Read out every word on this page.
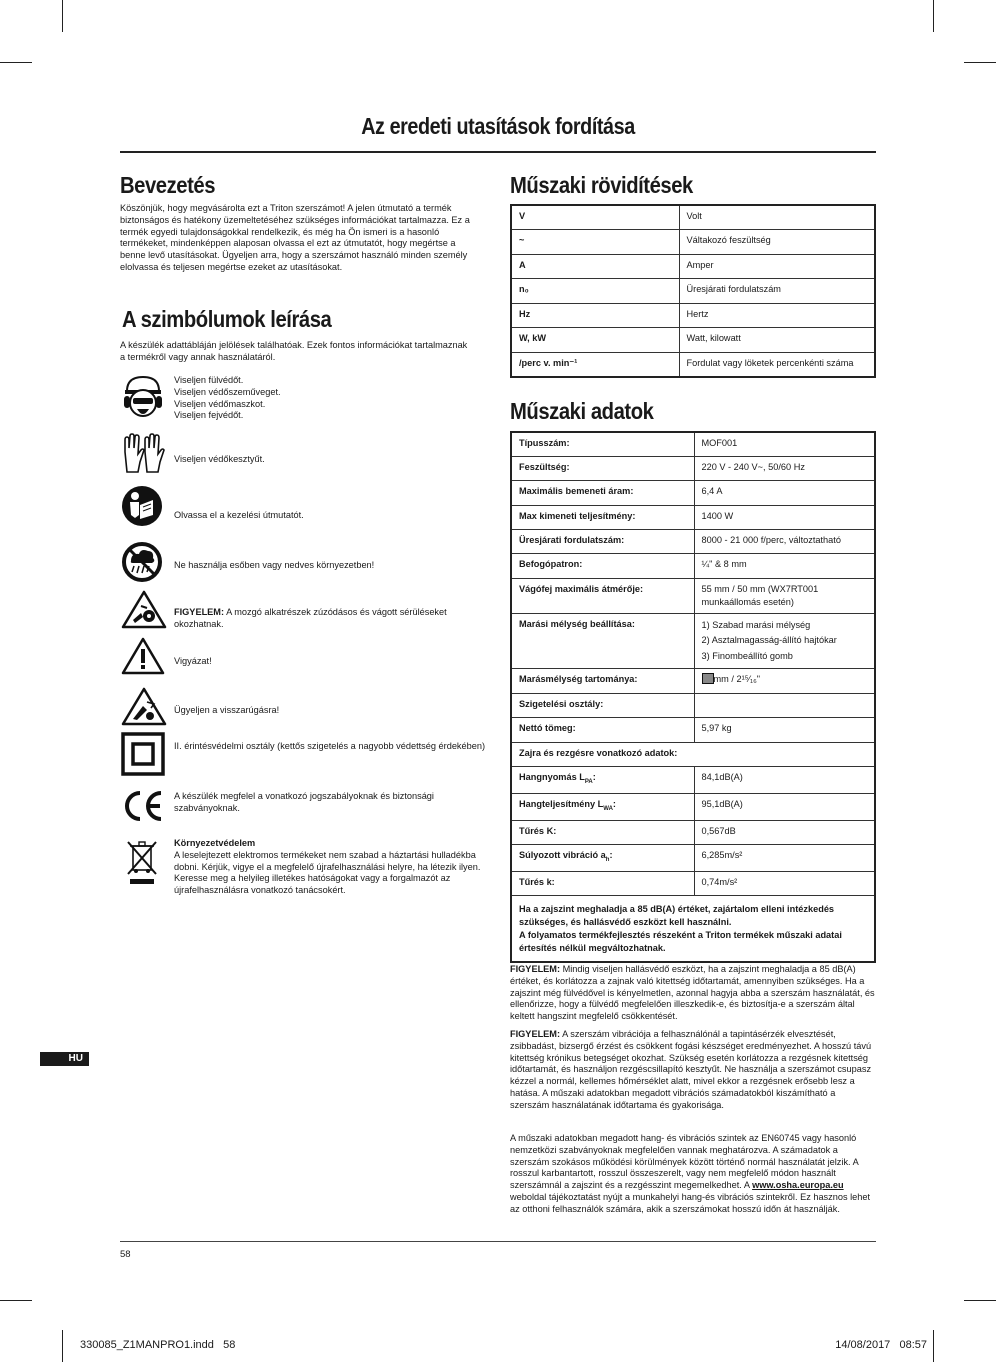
Az eredeti utasítások fordítása
Bevezetés
Köszönjük, hogy megvásárolta ezt a Triton szerszámot! A jelen útmutató a termék biztonságos és hatékony üzemeltetéséhez szükséges információkat tartalmazza. Ez a termék egyedi tulajdonságokkal rendelkezik, és még ha Ön ismeri is a hasonló termékeket, mindenképpen alaposan olvassa el ezt az útmutatót, hogy megértse a benne levő utasításokat. Ügyeljen arra, hogy a szerszámot használó minden személy elolvassa és teljesen megértse ezeket az utasításokat.
A szimbólumok leírása
A készülék adattábláján jelölések találhatóak. Ezek fontos információkat tartalmaznak a termékről vagy annak használatáról.
Viseljen fülvédőt.
Viseljen védőszeműveget.
Viseljen védőmaszkot.
Viseljen fejvédőt.
Viseljen védőkesztyűt.
Olvassa el a kezelési útmutatót.
Ne használja esőben vagy nedves környezetben!
FIGYELEM: A mozgó alkatrészek zúzódásos és vágott sérüléseket okozhatnak.
Vigyázat!
Ügyeljen a visszarúgásra!
II. érintésvédelmi osztály (kettős szigetelés a nagyobb védettség érdekében)
A készülék megfelel a vonatkozó jogszabályoknak és biztonsági szabványoknak.
Környezetvédelem
A leselejtezett elektromos termékeket nem szabad a háztartási hulladékba dobni. Kérjük, vigye el a megfelelő újrafelhasználási helyre, ha létezik ilyen. Keresse meg a helyileg illetékes hatóságokat vagy a forgalmazót az újrafelhasználásra vonatkozó tanácsokért.
Műszaki rövidítések
V	Volt
~	Váltakozó feszültség
A	Amper
n₀	Üresjárati fordulatszám
Hz	Hertz
W, kW	Watt, kilowatt
/perc v. min⁻¹	Fordulat vagy löketek percenkénti száma
Műszaki adatok
Típusszám:	MOF001
Feszültség:	220 V - 240 V~, 50/60 Hz
Maximális bemeneti áram:	6,4 A
Max kimeneti teljesítmény:	1400 W
Üresjárati fordulatszám:	8000 - 21 000 f/perc, változtatható
Befogópatron:	¼" & 8 mm
Vágófej maximális átmérője:	55 mm / 50 mm (WX7RT001 munkaállomás esetén)
Marási mélység beállítása:	1) Szabad marási mélység
2) Asztalmagasság-állító hajtókar
3) Finombeállító gomb
Marásmélység tartománya:	mm / 2¹⁵⁄₁₆"
Szigetelési osztály:	
Nettó tömeg:	5,97 kg
Zajra és rezgésre vonatkozó adatok:	
Hangnyomás $L_{PA}$:	84,1dB(A)
Hangteljesítmény $L_{WA}$:	95,1dB(A)
Tűrés K:	0,567dB
Súlyozott vibráció $a_h$:	6,285m/s²
Tűrés k:	0,74m/s²

Ha a zajszint meghaladja a 85 dB(A) értéket, zajártalom elleni intézkedés szükséges, és hallásvédő eszközt kell használni.
A folyamatos termékfejlesztés részeként a Triton termékek műszaki adatai értesítés nélkül megváltozhatnak.	
FIGYELEM: Mindig viseljen hallásvédő eszközt, ha a zajszint meghaladja a 85 dB(A) értéket, és korlátozza a zajnak való kitettség időtartamát, amennyiben szükséges. Ha a zajszint még fülvédővel is kényelmetlen, azonnal hagyja abba a szerszám használatát, és ellenőrizze, hogy a fülvédő megfelelően illeszkedik-e, és biztosítja-e a szerszám által keltett hangszint megfelelő csökkentését.
FIGYELEM: A szerszám vibrációja a felhasználónál a tapintásérzék elvesztését, zsibbadást, bizsergő érzést és csökkent fogási készséget eredményezhet. A hosszú távú kitettség krónikus betegséget okozhat. Szükség esetén korlátozza a rezgésnek kitettség időtartamát, és használjon rezgéscsillapító kesztyűt. Ne használja a szerszámot csupasz kézzel a normál, kellemes hőmérséklet alatt, mivel ekkor a rezgésnek erősebb lesz a hatása. A műszaki adatokban megadott vibrációs számadatokból kiszámítható a szerszám használatának időtartama és gyakorisága.
A műszaki adatokban megadott hang- és vibrációs szintek az EN60745 vagy hasonló nemzetközi szabványoknak megfelelően vannak meghatározva. A számadatok a szerszám szokásos működési körülmények között történő normál használatát jelzik. A rosszul karbantartott, rosszul összeszerelt, vagy nem megfelelő módon használt szerszámnál a zajszint és a rezgésszint megemelkedhet. A www.osha.europa.eu weboldal tájékoztatást nyújt a munkahelyi hang-és vibrációs szintekről. Ez hasznos lehet az otthoni felhasználók számára, akik a szerszámokat hosszú időn át használják.
HU
58
330085_Z1MANPRO1.indd   58	14/08/2017   08:57
